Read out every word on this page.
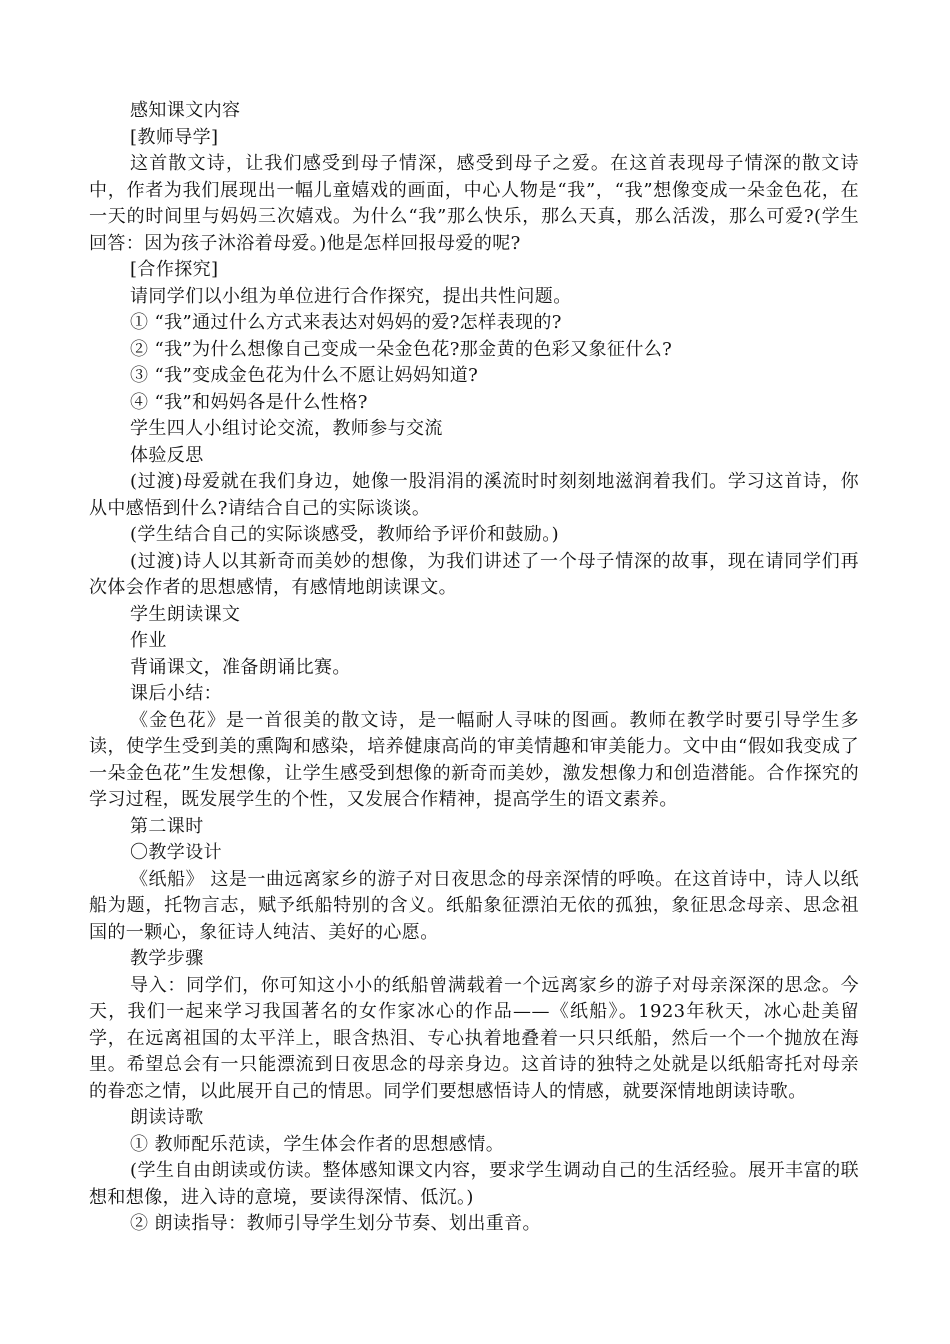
感知课文内容

[教师导学]

这首散文诗，让我们感受到母子情深，感受到母子之爱。在这首表现母子情深的散文诗中，作者为我们展现出一幅儿童嬉戏的画面，中心人物是“我”，“我”想像变成一朵金色花，在一天的时间里与妈妈三次嬉戏。为什么“我”那么快乐，那么天真，那么活泼，那么可爱?(学生回答：因为孩子沐浴着母爱。)他是怎样回报母爱的呢?

[合作探究]

请同学们以小组为单位进行合作探究，提出共性问题。

① “我”通过什么方式来表达对妈妈的爱?怎样表现的?

② “我”为什么想像自己变成一朵金色花?那金黄的色彩又象征什么?

③ “我”变成金色花为什么不愿让妈妈知道?

④ “我”和妈妈各是什么性格?

学生四人小组讨论交流，教师参与交流

体验反思

(过渡)母爱就在我们身边，她像一股涓涓的溪流时时刻刻地滋润着我们。学习这首诗，你从中感悟到什么?请结合自己的实际谈谈。

(学生结合自己的实际谈感受，教师给予评价和鼓励。)

(过渡)诗人以其新奇而美妙的想像，为我们讲述了一个母子情深的故事，现在请同学们再次体会作者的思想感情，有感情地朗读课文。

学生朗读课文

作业

背诵课文，准备朗诵比赛。

课后小结：

《金色花》是一首很美的散文诗，是一幅耐人寻味的图画。教师在教学时要引导学生多读，使学生受到美的熏陶和感染，培养健康高尚的审美情趣和审美能力。文中由“假如我变成了一朵金色花”生发想像，让学生感受到想像的新奇而美妙，激发想像力和创造潜能。合作探究的学习过程，既发展学生的个性，又发展合作精神，提高学生的语文素养。

第二课时

〇教学设计

《纸船》 这是一曲远离家乡的游子对日夜思念的母亲深情的呼唤。在这首诗中，诗人以纸船为题，托物言志，赋予纸船特别的含义。纸船象征漂泊无依的孤独，象征思念母亲、思念祖国的一颗心，象征诗人纯洁、美好的心愿。

教学步骤

导入：同学们，你可知这小小的纸船曾满载着一个远离家乡的游子对母亲深深的思念。今天，我们一起来学习我国著名的女作家冰心的作品——《纸船》。1923年秋天，冰心赴美留学，在远离祖国的太平洋上，眼含热泪、专心执着地叠着一只只纸船，然后一个一个抛放在海里。希望总会有一只能漂流到日夜思念的母亲身边。这首诗的独特之处就是以纸船寄托对母亲的眷恋之情，以此展开自己的情思。同学们要想感悟诗人的情感，就要深情地朗读诗歌。

朗读诗歌

① 教师配乐范读，学生体会作者的思想感情。

(学生自由朗读或仿读。整体感知课文内容，要求学生调动自己的生活经验。展开丰富的联想和想像，进入诗的意境，要读得深情、低沉。)

② 朗读指导：教师引导学生划分节奏、划出重音。
